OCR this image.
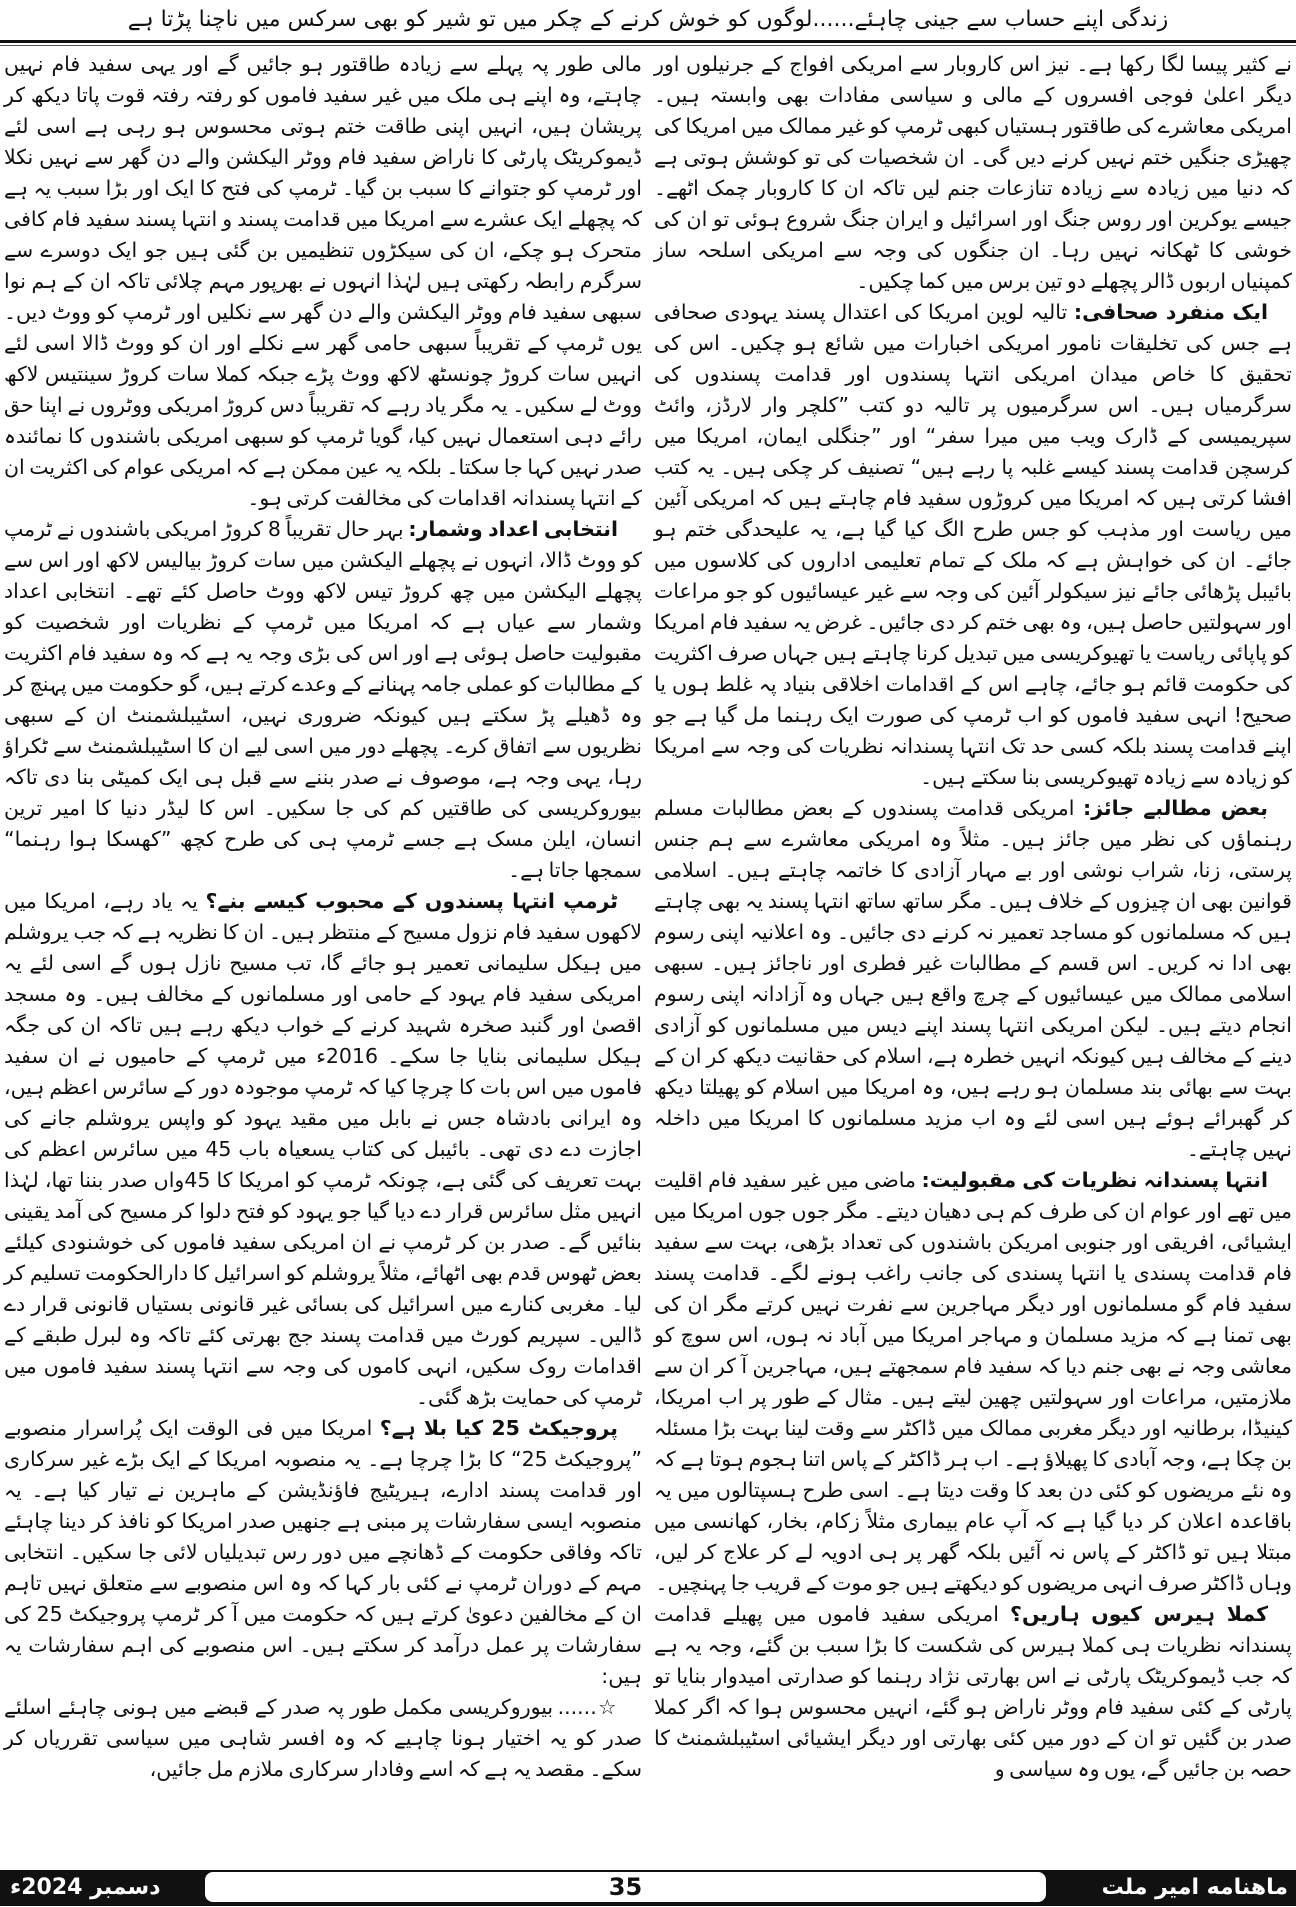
زندگی اپنے حساب سے جینی چاہئے......لوگوں کو خوش کرنے کے چکر میں تو شیر کو بھی سرکس میں ناچنا پڑتا ہے

نے کثیر پیسا لگا رکھا ہے۔ نیز اس کاروبار سے امریکی افواج کے جرنیلوں اور دیگر اعلیٰ فوجی افسروں کے مالی و سیاسی مفادات بھی وابستہ ہیں۔ امریکی معاشرے کی طاقتور ہستیاں کبھی ٹرمپ کو غیر ممالک میں امریکا کی چھیڑی جنگیں ختم نہیں کرنے دیں گی۔ ان شخصیات کی تو کوشش ہوتی ہے کہ دنیا میں زیادہ سے زیادہ تنازعات جنم لیں تاکہ ان کا کاروبار چمک اٹھے۔ جیسے یوکرین اور روس جنگ اور اسرائیل و ایران جنگ شروع ہوئی تو ان کی خوشی کا ٹھکانہ نہیں رہا۔ ان جنگوں کی وجہ سے امریکی اسلحہ ساز کمپنیاں اربوں ڈالر پچھلے دو تین برس میں کما چکیں۔

ایک منفرد صحافی: تالیہ لوین امریکا کی اعتدال پسند یہودی صحافی ہے جس کی تخلیقات نامور امریکی اخبارات میں شائع ہو چکیں۔ اس کی تحقیق کا خاص میدان امریکی انتہا پسندوں اور قدامت پسندوں کی سرگرمیاں ہیں۔ اس سرگرمیوں پر تالیہ دو کتب ”کلچر وار لارڈز، وائٹ سپریمیسی کے ڈارک ویب میں میرا سفر“ اور ”جنگلی ایمان، امریکا میں کرسچن قدامت پسند کیسے غلبہ پا رہے ہیں“ تصنیف کر چکی ہیں۔ یہ کتب افشا کرتی ہیں کہ امریکا میں کروڑوں سفید فام چاہتے ہیں کہ امریکی آئین میں ریاست اور مذہب کو جس طرح الگ کیا گیا ہے، یہ علیحدگی ختم ہو جائے۔ ان کی خواہش ہے کہ ملک کے تمام تعلیمی اداروں کی کلاسوں میں بائیبل پڑھائی جائے نیز سیکولر آئین کی وجہ سے غیر عیسائیوں کو جو مراعات اور سہولتیں حاصل ہیں، وہ بھی ختم کر دی جائیں۔ غرض یہ سفید فام امریکا کو پاپائی ریاست یا تھیوکریسی میں تبدیل کرنا چاہتے ہیں جہاں صرف اکثریت کی حکومت قائم ہو جائے، چاہے اس کے اقدامات اخلاقی بنیاد پہ غلط ہوں یا صحیح! انہی سفید فاموں کو اب ٹرمپ کی صورت ایک رہنما مل گیا ہے جو اپنے قدامت پسند بلکہ کسی حد تک انتہا پسندانہ نظریات کی وجہ سے امریکا کو زیادہ سے زیادہ تھیوکریسی بنا سکتے ہیں۔

بعض مطالبے جائز: امریکی قدامت پسندوں کے بعض مطالبات مسلم رہنماؤں کی نظر میں جائز ہیں۔ مثلاً وہ امریکی معاشرے سے ہم جنس پرستی، زنا، شراب نوشی اور بے مہار آزادی کا خاتمہ چاہتے ہیں۔ اسلامی قوانین بھی ان چیزوں کے خلاف ہیں۔ مگر ساتھ ساتھ انتہا پسند یہ بھی چاہتے ہیں کہ مسلمانوں کو مساجد تعمیر نہ کرنے دی جائیں۔ وہ اعلانیہ اپنی رسوم بھی ادا نہ کریں۔ اس قسم کے مطالبات غیر فطری اور ناجائز ہیں۔ سبھی اسلامی ممالک میں عیسائیوں کے چرچ واقع ہیں جہاں وہ آزادانہ اپنی رسوم انجام دیتے ہیں۔ لیکن امریکی انتہا پسند اپنے دیس میں مسلمانوں کو آزادی دینے کے مخالف ہیں کیونکہ انہیں خطرہ ہے، اسلام کی حقانیت دیکھ کر ان کے بہت سے بھائی بند مسلمان ہو رہے ہیں، وہ امریکا میں اسلام کو پھیلتا دیکھ کر گھبرائے ہوئے ہیں اسی لئے وہ اب مزید مسلمانوں کا امریکا میں داخلہ نہیں چاہتے۔

انتہا پسندانہ نظریات کی مقبولیت: ماضی میں غیر سفید فام اقلیت میں تھے اور عوام ان کی طرف کم ہی دھیان دیتے۔ مگر جوں جوں امریکا میں ایشیائی، افریقی اور جنوبی امریکن باشندوں کی تعداد بڑھی، بہت سے سفید فام قدامت پسندی یا انتہا پسندی کی جانب راغب ہونے لگے۔ قدامت پسند سفید فام گو مسلمانوں اور دیگر مہاجرین سے نفرت نہیں کرتے مگر ان کی بھی تمنا ہے کہ مزید مسلمان و مہاجر امریکا میں آباد نہ ہوں، اس سوچ کو معاشی وجہ نے بھی جنم دیا کہ سفید فام سمجھتے ہیں، مہاجرین آ کر ان سے ملازمتیں، مراعات اور سہولتیں چھین لیتے ہیں۔ مثال کے طور پر اب امریکا، کینیڈا، برطانیہ اور دیگر مغربی ممالک میں ڈاکٹر سے وقت لینا بہت بڑا مسئلہ بن چکا ہے، وجہ آبادی کا پھیلاؤ ہے۔ اب ہر ڈاکٹر کے پاس اتنا ہجوم ہوتا ہے کہ وہ نئے مریضوں کو کئی دن بعد کا وقت دیتا ہے۔ اسی طرح ہسپتالوں میں یہ باقاعدہ اعلان کر دیا گیا ہے کہ آپ عام بیماری مثلاً زکام، بخار، کھانسی میں مبتلا ہیں تو ڈاکٹر کے پاس نہ آئیں بلکہ گھر پر ہی ادویہ لے کر علاج کر لیں، وہاں ڈاکٹر صرف انہی مریضوں کو دیکھتے ہیں جو موت کے قریب جا پہنچیں۔

کملا ہیرس کیوں ہاریں؟ امریکی سفید فاموں میں پھیلے قدامت پسندانہ نظریات ہی کملا ہیرس کی شکست کا بڑا سبب بن گئے، وجہ یہ ہے کہ جب ڈیموکریٹک پارٹی نے اس بھارتی نژاد رہنما کو صدارتی امیدوار بنایا تو پارٹی کے کئی سفید فام ووٹر ناراض ہو گئے، انہیں محسوس ہوا کہ اگر کملا صدر بن گئیں تو ان کے دور میں کئی بھارتی اور دیگر ایشیائی اسٹیبلشمنٹ کا حصہ بن جائیں گے، یوں وہ سیاسی و

مالی طور پہ پہلے سے زیادہ طاقتور ہو جائیں گے اور یہی سفید فام نہیں چاہتے، وہ اپنے ہی ملک میں غیر سفید فاموں کو رفتہ رفتہ قوت پاتا دیکھ کر پریشان ہیں، انہیں اپنی طاقت ختم ہوتی محسوس ہو رہی ہے اسی لئے ڈیموکریٹک پارٹی کا ناراض سفید فام ووٹر الیکشن والے دن گھر سے نہیں نکلا اور ٹرمپ کو جتوانے کا سبب بن گیا۔ ٹرمپ کی فتح کا ایک اور بڑا سبب یہ ہے کہ پچھلے ایک عشرے سے امریکا میں قدامت پسند و انتہا پسند سفید فام کافی متحرک ہو چکے، ان کی سیکڑوں تنظیمیں بن گئی ہیں جو ایک دوسرے سے سرگرم رابطہ رکھتی ہیں لہٰذا انہوں نے بھرپور مہم چلائی تاکہ ان کے ہم نوا سبھی سفید فام ووٹر الیکشن والے دن گھر سے نکلیں اور ٹرمپ کو ووٹ دیں۔ یوں ٹرمپ کے تقریباً سبھی حامی گھر سے نکلے اور ان کو ووٹ ڈالا اسی لئے انہیں سات کروڑ چونسٹھ لاکھ ووٹ پڑے جبکہ کملا سات کروڑ سینتیس لاکھ ووٹ لے سکیں۔ یہ مگر یاد رہے کہ تقریباً دس کروڑ امریکی ووٹروں نے اپنا حق رائے دہی استعمال نہیں کیا، گویا ٹرمپ کو سبھی امریکی باشندوں کا نمائندہ صدر نہیں کہا جا سکتا۔ بلکہ یہ عین ممکن ہے کہ امریکی عوام کی اکثریت ان کے انتہا پسندانہ اقدامات کی مخالفت کرتی ہو۔

انتخابی اعداد وشمار: بہر حال تقریباً 8 کروڑ امریکی باشندوں نے ٹرمپ کو ووٹ ڈالا، انہوں نے پچھلے الیکشن میں سات کروڑ بیالیس لاکھ اور اس سے پچھلے الیکشن میں چھ کروڑ تیس لاکھ ووٹ حاصل کئے تھے۔ انتخابی اعداد وشمار سے عیاں ہے کہ امریکا میں ٹرمپ کے نظریات اور شخصیت کو مقبولیت حاصل ہوئی ہے اور اس کی بڑی وجہ یہ ہے کہ وہ سفید فام اکثریت کے مطالبات کو عملی جامہ پہنانے کے وعدے کرتے ہیں، گو حکومت میں پہنچ کر وہ ڈھیلے پڑ سکتے ہیں کیونکہ ضروری نہیں، اسٹیبلشمنٹ ان کے سبھی نظریوں سے اتفاق کرے۔ پچھلے دور میں اسی لیے ان کا اسٹیبلشمنٹ سے ٹکراؤ رہا، یہی وجہ ہے، موصوف نے صدر بننے سے قبل ہی ایک کمیٹی بنا دی تاکہ بیوروکریسی کی طاقتیں کم کی جا سکیں۔ اس کا لیڈر دنیا کا امیر ترین انسان، ایلن مسک ہے جسے ٹرمپ ہی کی طرح کچھ ”کھسکا ہوا رہنما“ سمجھا جاتا ہے۔

ٹرمپ انتہا پسندوں کے محبوب کیسے بنے؟ یہ یاد رہے، امریکا میں لاکھوں سفید فام نزول مسیح کے منتظر ہیں۔ ان کا نظریہ ہے کہ جب یروشلم میں ہیکل سلیمانی تعمیر ہو جائے گا، تب مسیح نازل ہوں گے اسی لئے یہ امریکی سفید فام یہود کے حامی اور مسلمانوں کے مخالف ہیں۔ وہ مسجد اقصیٰ اور گنبد صخرہ شہید کرنے کے خواب دیکھ رہے ہیں تاکہ ان کی جگہ ہیکل سلیمانی بنایا جا سکے۔ 2016ء میں ٹرمپ کے حامیوں نے ان سفید فاموں میں اس بات کا چرچا کیا کہ ٹرمپ موجودہ دور کے سائرس اعظم ہیں، وہ ایرانی بادشاہ جس نے بابل میں مقید یہود کو واپس یروشلم جانے کی اجازت دے دی تھی۔ بائیبل کی کتاب یسعیاہ باب 45 میں سائرس اعظم کی بہت تعریف کی گئی ہے، چونکہ ٹرمپ کو امریکا کا 45واں صدر بننا تھا، لہٰذا انہیں مثل سائرس قرار دے دیا گیا جو یہود کو فتح دلوا کر مسیح کی آمد یقینی بنائیں گے۔ صدر بن کر ٹرمپ نے ان امریکی سفید فاموں کی خوشنودی کیلئے بعض ٹھوس قدم بھی اٹھائے، مثلاً یروشلم کو اسرائیل کا دارالحکومت تسلیم کر لیا۔ مغربی کنارے میں اسرائیل کی بسائی غیر قانونی بستیاں قانونی قرار دے ڈالیں۔ سپریم کورٹ میں قدامت پسند جج بھرتی کئے تاکہ وہ لبرل طبقے کے اقدامات روک سکیں، انہی کاموں کی وجہ سے انتہا پسند سفید فاموں میں ٹرمپ کی حمایت بڑھ گئی۔

پروجیکٹ 25 کیا بلا ہے؟ امریکا میں فی الوقت ایک پُراسرار منصوبے ”پروجیکٹ 25“ کا بڑا چرچا ہے۔ یہ منصوبہ امریکا کے ایک بڑے غیر سرکاری اور قدامت پسند ادارے، ہیریٹیج فاؤنڈیشن کے ماہرین نے تیار کیا ہے۔ یہ منصوبہ ایسی سفارشات پر مبنی ہے جنھیں صدر امریکا کو نافذ کر دینا چاہئے تاکہ وفاقی حکومت کے ڈھانچے میں دور رس تبدیلیاں لائی جا سکیں۔ انتخابی مہم کے دوران ٹرمپ نے کئی بار کہا کہ وہ اس منصوبے سے متعلق نہیں تاہم ان کے مخالفین دعویٰ کرتے ہیں کہ حکومت میں آ کر ٹرمپ پروجیکٹ 25 کی سفارشات پر عمل درآمد کر سکتے ہیں۔ اس منصوبے کی اہم سفارشات یہ ہیں:

☆...... بیوروکریسی مکمل طور پہ صدر کے قبضے میں ہونی چاہئے اسلئے صدر کو یہ اختیار ہونا چاہیے کہ وہ افسر شاہی میں سیاسی تقرریاں کر سکے۔ مقصد یہ ہے کہ اسے وفادار سرکاری ملازم مل جائیں،

35	ماهنامه امیر ملت
دسمبر 2024ء
